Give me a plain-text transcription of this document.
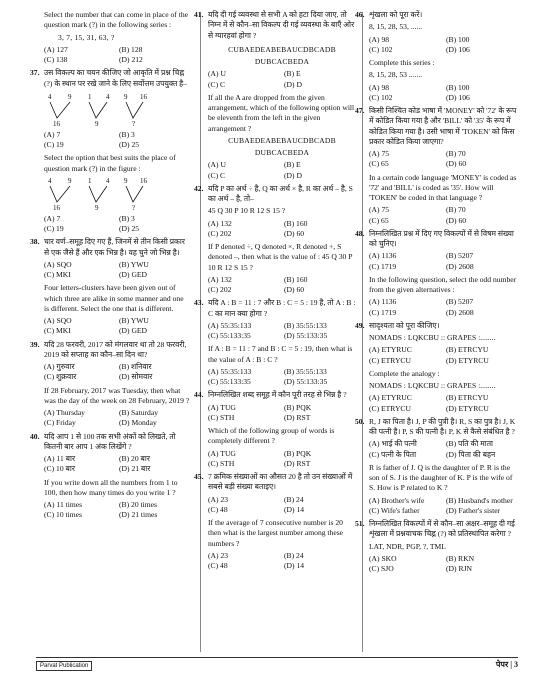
Select the number that can come in place of the question mark (?) in the following series :

3, 7, 15, 31, 63, ?

(A) 127	(B) 128
(C) 138	(D) 212
37. उस विकल्प का चयन कीजिए जो आकृति में प्रश्न चिह्न (?) के स्थान पर रखे जाने के लिए सर्वोत्तम उपयुक्त है–

4 9 1 4 9 16
16	9	?
(A) 7	(B) 3
(C) 19	(D) 25

Select the option that best suits the place of question mark (?) in the figure :

4 9 1 4 9 16
16	9	?
(A) 7	(B) 3
(C) 19	(D) 25
38. चार वर्ण–समूह दिए गए हैं, जिनमें से तीन किसी प्रकार से एक जैसे हैं और एक भिन्न है। वह चुने जो भिन्न है।

(A) SQO	(B) YWU
(C) MKI	(D) GED

Four letters-clusters have been given out of which three are alike in some manner and one is different. Select the one that is different.

(A) SQO	(B) YWU
(C) MKI	(D) GED
39. यदि 28 फरवरी, 2017 को मंगलवार था तो 28 फरवरी, 2019 को सप्ताह का कौन–सा दिन था?

(A) गुरुवार	(B) शनिवार
(C) शुक्रवार	(D) सोमवार

If 28 February, 2017 was Tuesday, then what was the day of the week on 28 February, 2019 ?

(A) Thursday	(B) Saturday
(C) Friday	(D) Monday
40. यदि आप 1 से 100 तक सभी अंकों को लिखते, तो कितनी बार आप 1 अंक लिखेंगे ?

(A) 11 बार	(B) 20 बार
(C) 10 बार	(D) 21 बार

If you write down all the numbers from 1 to 100, then how many times do you write 1 ?

(A) 11 times	(B) 20 times
(C) 10 times	(D) 21 times
41. यदि दी गई व्यवस्था से सभी A को हटा दिया जाए, तो निम्न में से कौन–सा विकल्प दी गई व्यवस्था के बाएँ ओर से ग्यारहवां होगा ?

CUBAEDEABEBAUCDBCADB

DUBCACBEDA

(A) U	(B) E
(C) C	(D) D

If all the A are dropped from the given arrangement, which of the following option will be eleventh from the left in the given arrangement ?

CUBAEDEABEBAUCDBCADB

DUBCACBEDA

(A) U	(B) E
(C) C	(D) D
42. यदि P का अर्थ ÷ है, Q का अर्थ × है, R का अर्थ – है, S का अर्थ – है, तो–

45 Q 30 P 10 R 12 S 15 ?

(A) 132	(B) 160
(C) 202	(D) 60

If P denoted ÷, Q denoted ×, R denoted +, S denoted –, then what is the value of : 45 Q 30 P 10 R 12 S 15 ?

(A) 132	(B) 160
(C) 202	(D) 60
43. यदि A : B = 11 : 7 और B : C = 5 : 19 है, तो A : B : C का मान क्या होगा ?

(A) 55:35:133	(B) 35:55:133
(C) 55:133:35	(D) 55:133:35

If A : B = 11 : 7 and B : C = 5 : 19, then what is the value of A : B : C ?

(A) 55:35:133	(B) 35:55:133
(C) 55:133:35	(D) 55:133:35
44. निम्नलिखित शब्द समूह में कौन पूरी तरह से भिन्न है ?

(A) TUG	(B) PQK
(C) STH	(D) RST

Which of the following group of words is completely different ?

(A) TUG	(B) PQK
(C) STH	(D) RST
45. 7 क्रमिक संख्याओं का औसत 20 है तो उन संख्याओं में सबसे बड़ी संख्या बताइए।

(A) 23	(B) 24
(C) 48	(D) 14

If the average of 7 consecutive number is 20 then what is the largest number among these numbers ?

(A) 23	(B) 24
(C) 48	(D) 14
46. शृंखला को पूरा करें।

8, 15, 28, 53, ......

(A) 98	(B) 100
(C) 102	(D) 106

Complete this series :

8, 15, 28, 53 .......

(A) 98	(B) 100
(C) 102	(D) 106
47. किसी निश्चित कोड भाषा में 'MONEY' को '72' के रूप में कोडित किया गया है और 'BILL' को '35' के रूप में कोडित किया गया है। उसी भाषा में 'TOKEN' को किस प्रकार कोडित किया जाएगा?

(A) 75	(B) 70
(C) 65	(D) 60

In a certain code language 'MONEY' is coded as '72' and 'BILL' is coded as '35'. How will 'TOKEN' be coded in that language ?

(A) 75	(B) 70
(C) 65	(D) 60
48. निम्नलिखित प्रश्न में दिए गए विकल्पों में से विषम संख्या को चुनिए।

(A) 1136	(B) 5207
(C) 1719	(D) 2608

In the following question, select the odd number from the given alternatives :

(A) 1136	(B) 5207
(C) 1719	(D) 2608
49. सादृश्यता को पूरा कीजिए।

NOMADS : LQKCBU :: GRAPES :........

(A) ETYRUC	(B) ETRCYU
(C) ETRYCU	(D) ETYRCU

Complete the analogy :

NOMADS : LQKCBU :: GRAPES :........

(A) ETYRUC	(B) ETRCYU
(C) ETRYCU	(D) ETYRCU
50. R, J का पिता है। J, P की पुत्री है। R, S का पुत्र है। J, K की पत्नी है। P, S की पत्नी है। P, K से कैसे संबंधित है ?

(A) भाई की पत्नी	(B) पति की माता
(C) पत्नी के पिता	(D) पिता की बहन

R is father of J. Q is the daughter of P. R is the son of S. J is the daughter of K. P is the wife of S. How is P related to K ?

(A) Brother's wife	(B) Husband's mother
(C) Wife's father	(D) Father's sister
51. निम्नलिखित विकल्पों में से कौन–सा अक्षर–समूह दी गई शृंखला में प्रश्नवाचक चिह्न (?) को प्रतिस्थापित करेगा ?

LAT, NDR, PGP, ?, TML

(A) SKO	(B) RKN
(C) SJO	(D) RJN
Parvat Publication	पेपर | 3
